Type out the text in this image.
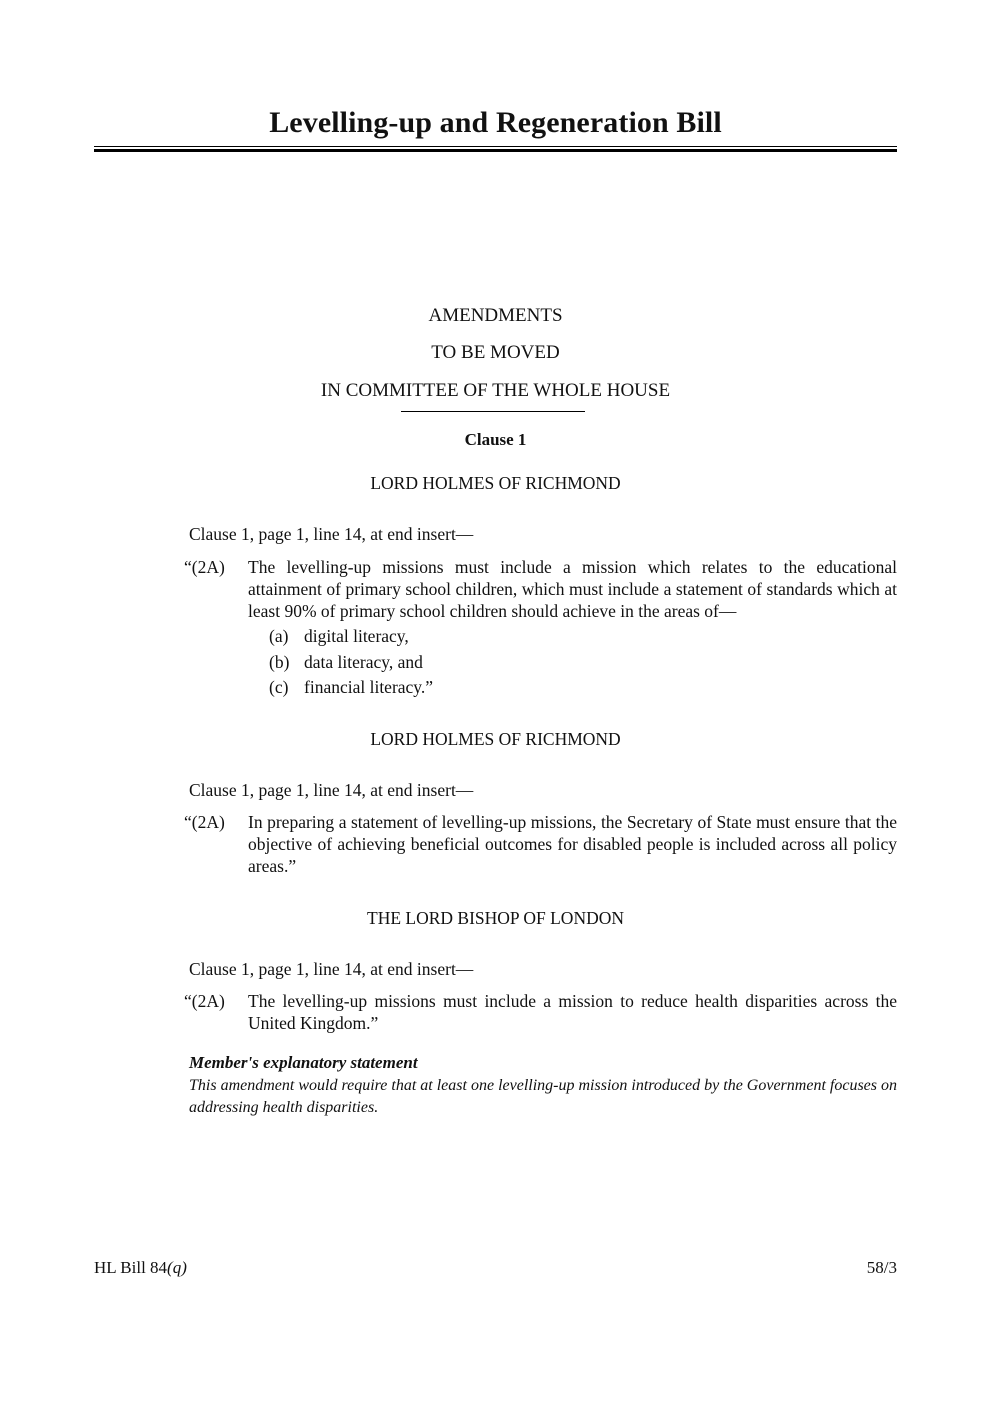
Levelling-up and Regeneration Bill
AMENDMENTS
TO BE MOVED
IN COMMITTEE OF THE WHOLE HOUSE
Clause 1
LORD HOLMES OF RICHMOND
Clause 1, page 1, line 14, at end insert—
“(2A) The levelling-up missions must include a mission which relates to the educational attainment of primary school children, which must include a statement of standards which at least 90% of primary school children should achieve in the areas of—
(a) digital literacy,
(b) data literacy, and
(c) financial literacy.”
LORD HOLMES OF RICHMOND
Clause 1, page 1, line 14, at end insert—
“(2A) In preparing a statement of levelling-up missions, the Secretary of State must ensure that the objective of achieving beneficial outcomes for disabled people is included across all policy areas.”
THE LORD BISHOP OF LONDON
Clause 1, page 1, line 14, at end insert—
“(2A) The levelling-up missions must include a mission to reduce health disparities across the United Kingdom.”
Member's explanatory statement
This amendment would require that at least one levelling-up mission introduced by the Government focuses on addressing health disparities.
HL Bill 84(q)	58/3
